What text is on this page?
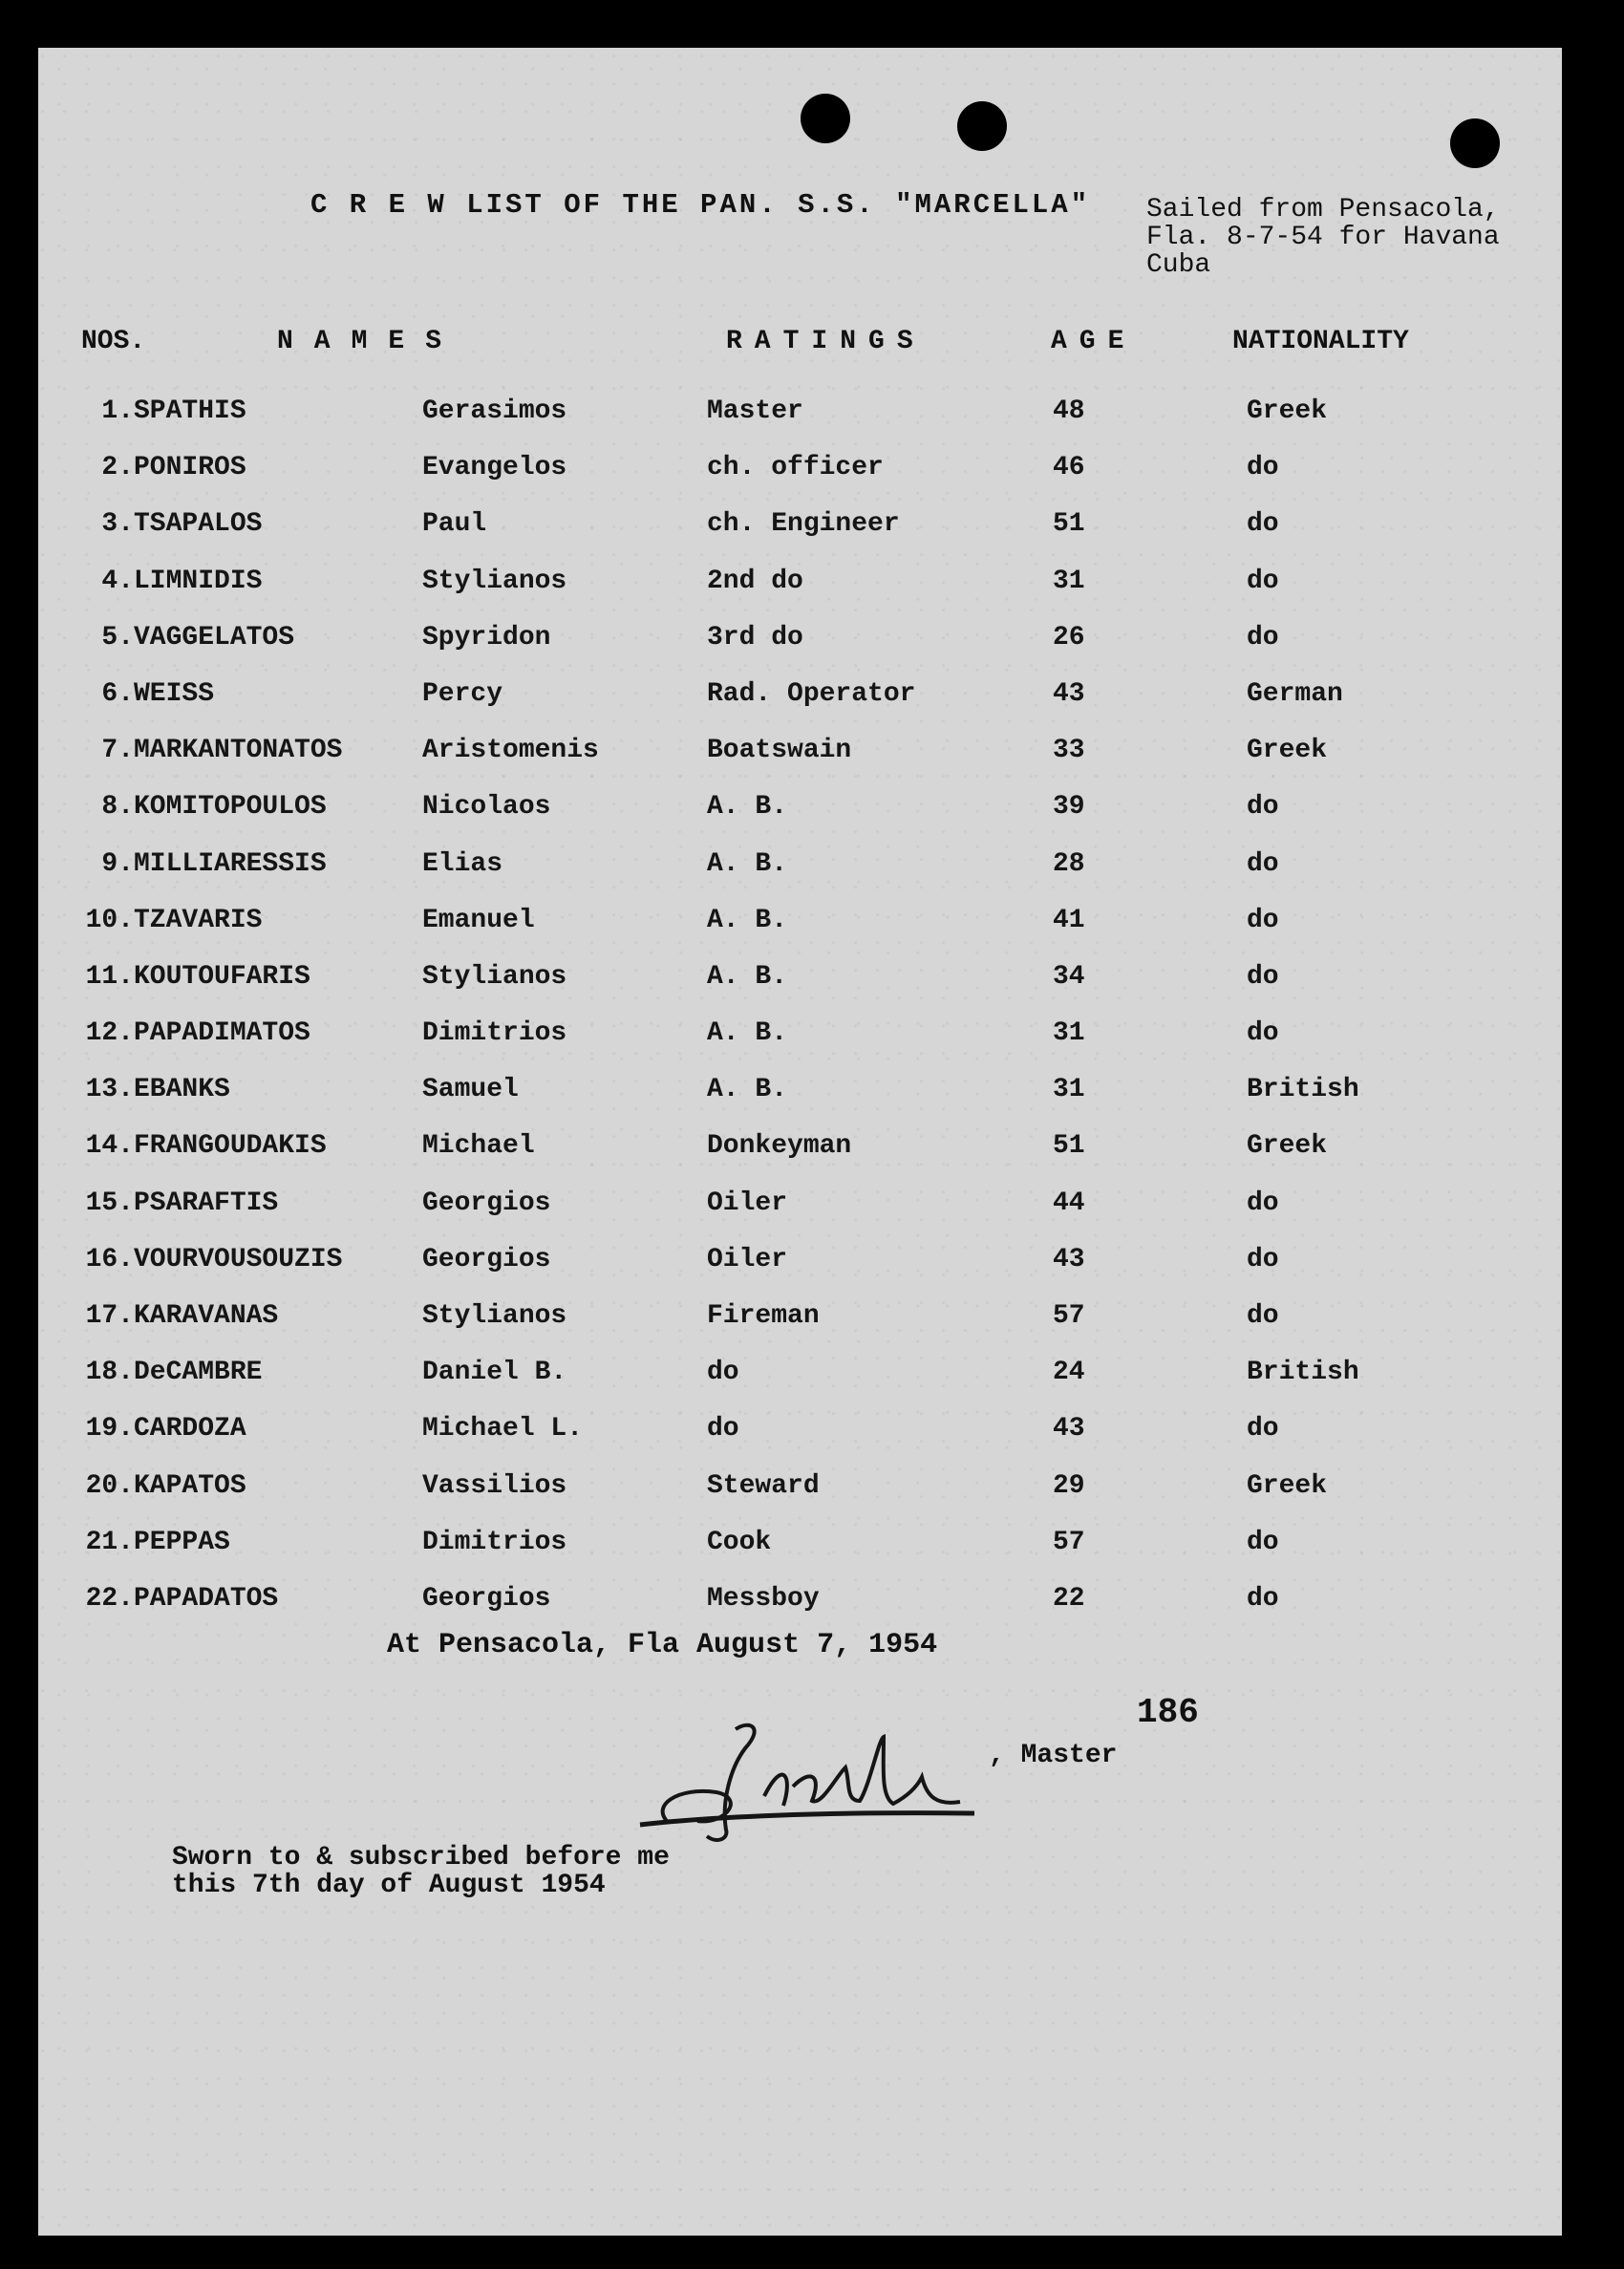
C R E W LIST OF THE PAN. S.S. "MARCELLA" Sailed from Pensacola,
Fla. 8-7-54 for Havana
Cuba
NOS.	NAMES	RATINGS	AGE	NATIONALITY
1. SPATHIS	Gerasimos	Master	48	Greek
2. PONIROS	Evangelos	ch. officer	46	do
3. TSAPALOS	Paul	ch. Engineer	51	do
4. LIMNIDIS	Stylianos	2nd do	31	do
5. VAGGELATOS	Spyridon	3rd do	26	do
6. WEISS	Percy	Rad. Operator	43	German
7. MARKANTONATOS	Aristomenis	Boatswain	33	Greek
8. KOMITOPOULOS	Nicolaos	A. B.	39	do
9. MILLIARESSIS	Elias	A. B.	28	do
10. TZAVARIS	Emanuel	A. B.	41	do
11. KOUTOUFARIS	Stylianos	A. B.	34	do
12. PAPADIMATOS	Dimitrios	A. B.	31	do
13. EBANKS	Samuel	A. B.	31	British
14. FRANGOUDAKIS	Michael	Donkeyman	51	Greek
15. PSARAFTIS	Georgios	Oiler	44	do
16. VOURVOUSOUZIS	Georgios	Oiler	43	do
17. KARAVANAS	Stylianos	Fireman	57	do
18. DeCAMBRE	Daniel B.	do	24	British
19. CARDOZA	Michael L.	do	43	do
20. KAPATOS	Vassilios	Steward	29	Greek
21. PEPPAS	Dimitrios	Cook	57	do
22. PAPADATOS	Georgios	Messboy	22	do
At Pensacola, Fla August 7, 1954
186
G. Spathis
, Master
Sworn to & subscribed before me
this 7th day of August 1954
